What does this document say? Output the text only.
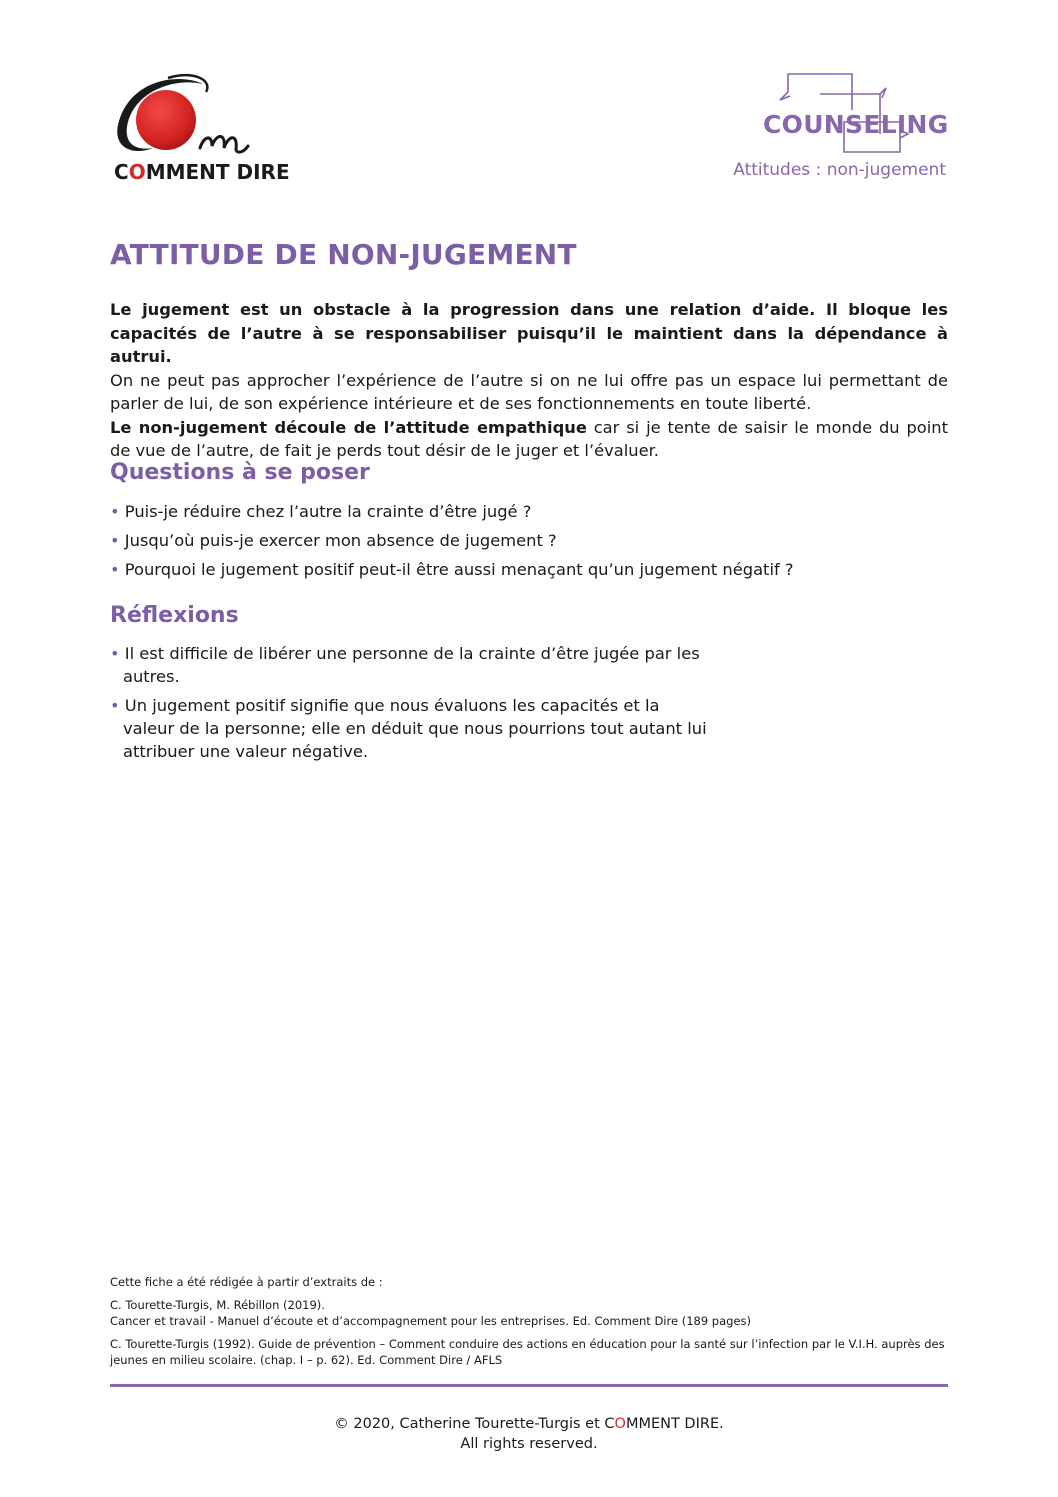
COMMENT DIRE
COUNSELING
Attitudes : non-jugement
ATTITUDE DE NON-JUGEMENT

Le jugement est un obstacle à la progression dans une relation d’aide. Il bloque les capacités de l’autre à se responsabiliser puisqu’il le maintient dans la dépendance à autrui.

On ne peut pas approcher l’expérience de l’autre si on ne lui offre pas un espace lui permettant de parler de lui, de son expérience intérieure et de ses fonctionnements en toute liberté.

Le non-jugement découle de l’attitude empathique car si je tente de saisir le monde du point de vue de l’autre, de fait je perds tout désir de le juger et l’évaluer.

Questions à se poser
• Puis-je réduire chez l’autre la crainte d’être jugé ?
• Jusqu’où puis-je exercer mon absence de jugement ?
• Pourquoi le jugement positif peut-il être aussi menaçant qu’un jugement négatif ?
Réflexions
• Il est difficile de libérer une personne de la crainte d’être jugée par les autres.
• Un jugement positif signifie que nous évaluons les capacités et la valeur de la personne; elle en déduit que nous pourrions tout autant lui attribuer une valeur négative.
Cette fiche a été rédigée à partir d’extraits de :
C. Tourette-Turgis, M. Rébillon (2019).
Cancer et travail - Manuel d’écoute et d’accompagnement pour les entreprises. Ed. Comment Dire (189 pages)
C. Tourette-Turgis (1992). Guide de prévention – Comment conduire des actions en éducation pour la santé sur l’infection par le V.I.H. auprès des jeunes en milieu scolaire. (chap. I – p. 62). Ed. Comment Dire / AFLS
© 2020, Catherine Tourette-Turgis et COMMENT DIRE.
All rights reserved.
